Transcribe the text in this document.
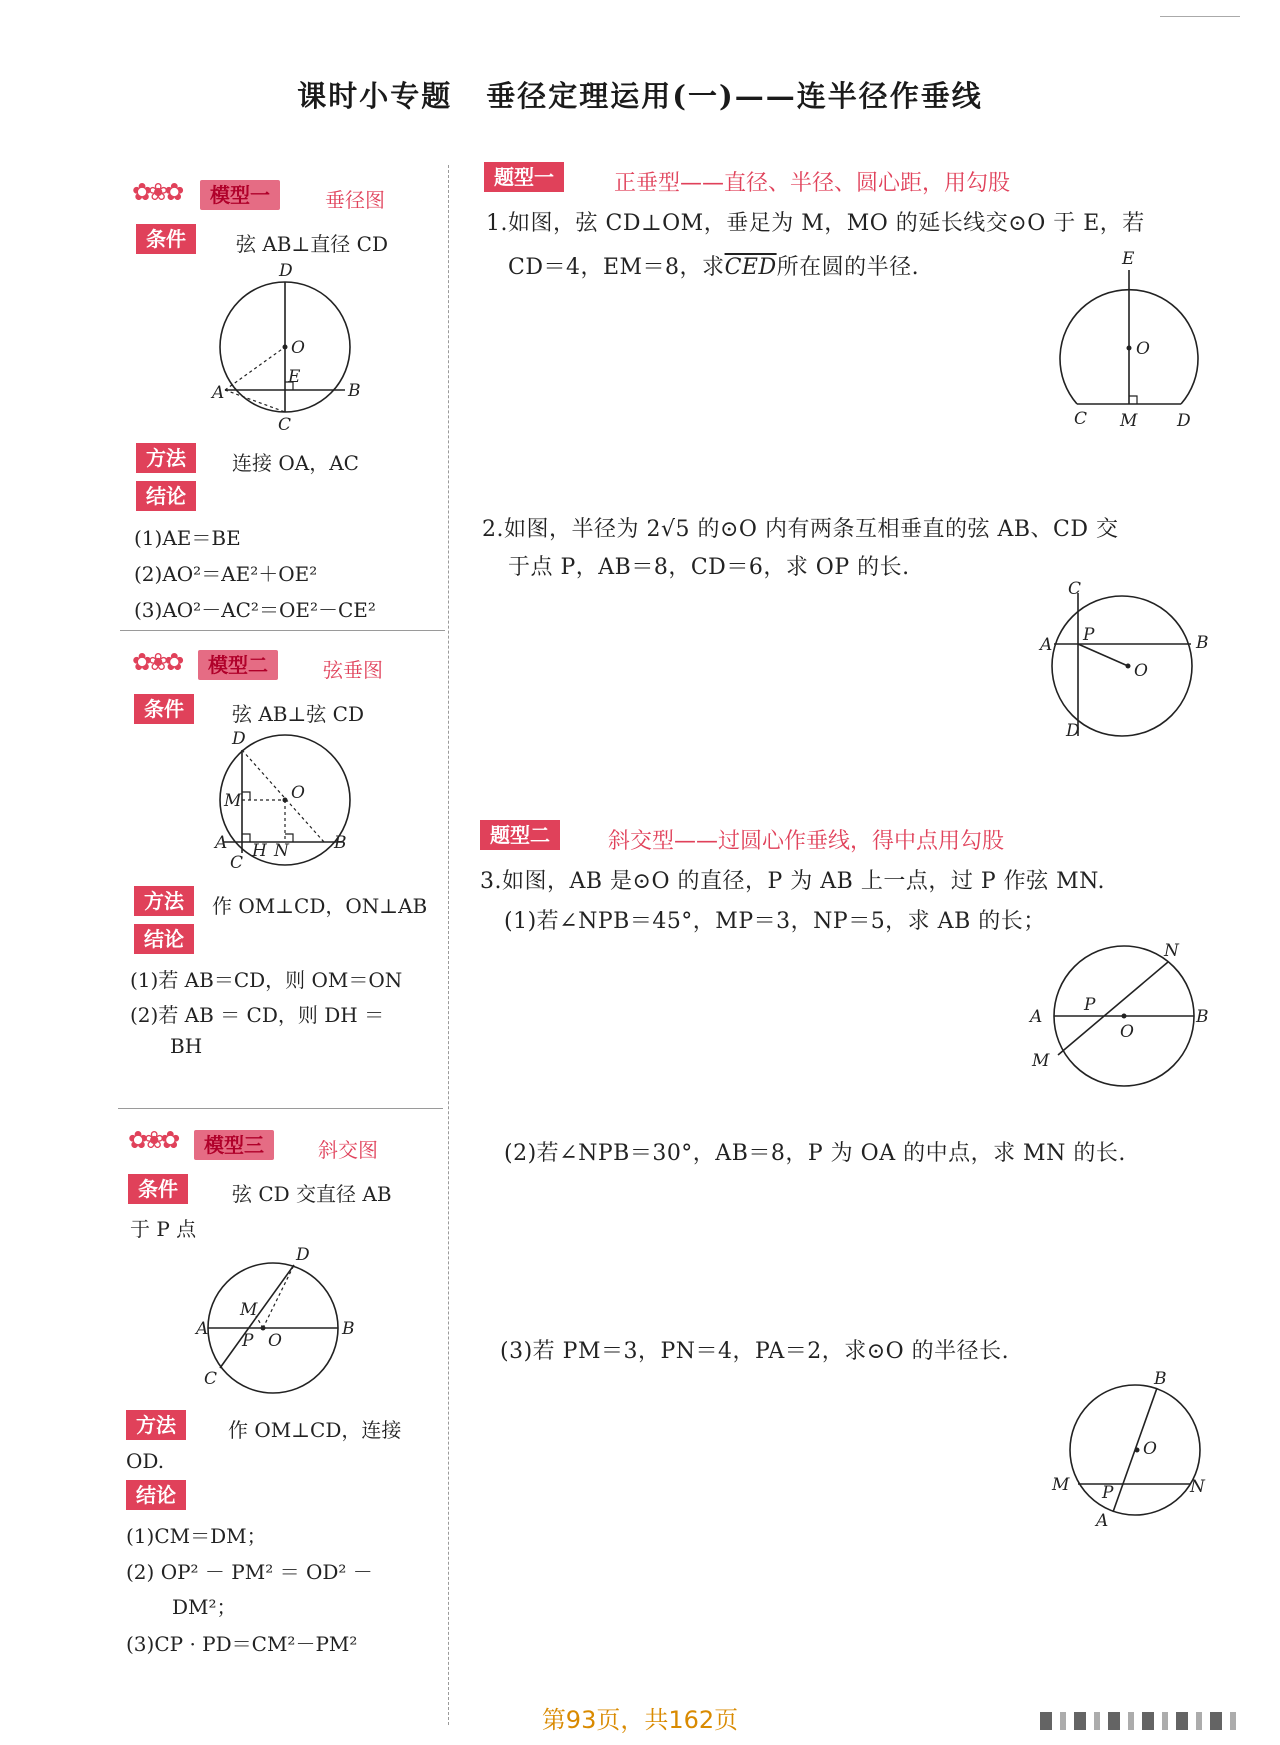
课时小专题 垂径定理运用(一)——连半径作垂线
✿❀✿	模型一	垂径图
条件	弦 AB⊥直径 CD
D
O
E
A	B
C
方法	连接 OA，AC
结论
(1)AE＝BE
(2)AO²＝AE²＋OE²
(3)AO²－AC²＝OE²－CE²
✿❀✿	模型二	弦垂图
条件	弦 AB⊥弦 CD
D
O
M
A H N	B
C
方法	作 OM⊥CD，ON⊥AB
结论
(1)若 AB＝CD，则 OM＝ON
(2)若 AB ＝ CD，则 DH ＝
BH
✿❀✿	模型三	斜交图
条件	弦 CD 交直径 AB
于 P 点
D
M
A
P O
B
C
方法	作 OM⊥CD，连接
OD.
结论
(1)CM＝DM；
(2) OP² － PM² ＝ OD² －
DM²；
(3)CP · PD＝CM²－PM²
题型一	正垂型——直径、半径、圆心距，用勾股
1.如图，弦 CD⊥OM，垂足为 M，MO 的延长线交⊙O 于 E，若
CD＝4，EM＝8，求$\overline{CED}$所在圆的半径.	E
O
C M D
2.如图，半径为 2√5 的⊙O 内有两条互相垂直的弦 AB、CD 交
于点 P，AB＝8，CD＝6，求 OP 的长.
C
A P	B
O
D
题型二	斜交型——过圆心作垂线，得中点用勾股
3.如图，AB 是⊙O 的直径，P 为 AB 上一点，过 P 作弦 MN.
(1)若∠NPB＝45°，MP＝3，NP＝5，求 AB 的长；
N
A
P
O
B
M
(2)若∠NPB＝30°，AB＝8，P 为 OA 的中点，求 MN 的长.
(3)若 PM＝3，PN＝4，PA＝2，求⊙O 的半径长.
B
O
M P	N
A
第93页，共162页
